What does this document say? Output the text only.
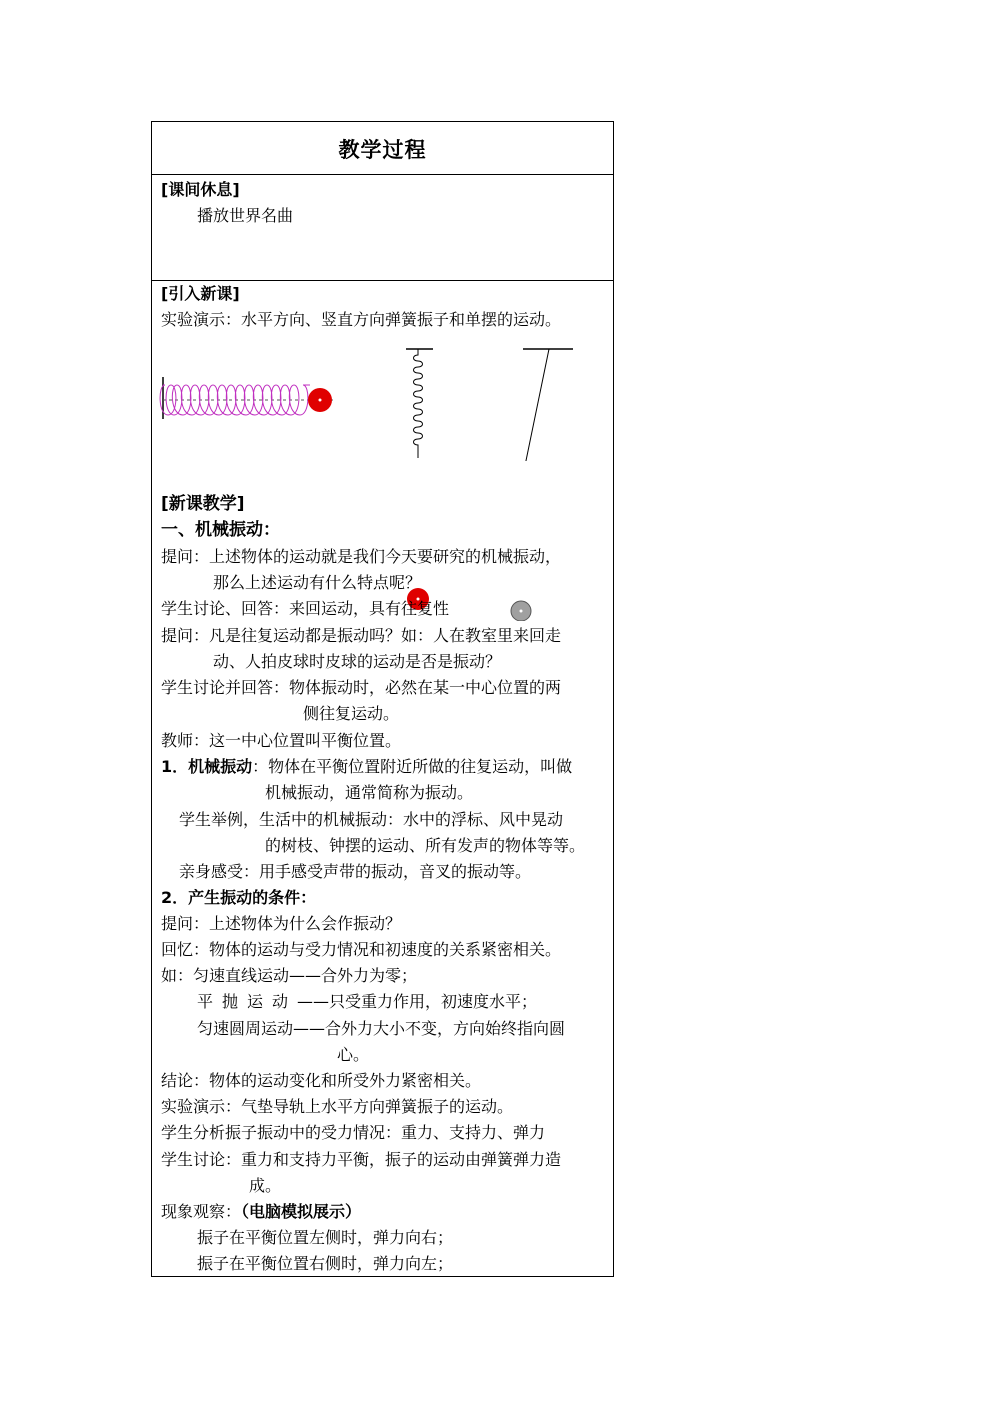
教学过程
[课间休息]
播放世界名曲
[引入新课]
实验演示：水平方向、竖直方向弹簧振子和单摆的运动。
[新课教学]
一、机械振动：
提问：上述物体的运动就是我们今天要研究的机械振动，
那么上述运动有什么特点呢？
学生讨论、回答：来回运动，具有往复性
提问：凡是往复运动都是振动吗？如：人在教室里来回走
动、人拍皮球时皮球的运动是否是振动？
学生讨论并回答：物体振动时，必然在某一中心位置的两
侧往复运动。
教师：这一中心位置叫平衡位置。
1．机械振动：物体在平衡位置附近所做的往复运动，叫做
机械振动，通常简称为振动。
学生举例，生活中的机械振动：水中的浮标、风中晃动
的树枝、钟摆的运动、所有发声的物体等等。
亲身感受：用手感受声带的振动，音叉的振动等。
2．产生振动的条件：
提问：上述物体为什么会作振动？
回忆：物体的运动与受力情况和初速度的关系紧密相关。
如：匀速直线运动——合外力为零；
平抛运动——只受重力作用，初速度水平；
匀速圆周运动——合外力大小不变，方向始终指向圆
心。
结论：物体的运动变化和所受外力紧密相关。
实验演示：气垫导轨上水平方向弹簧振子的运动。
学生分析振子振动中的受力情况：重力、支持力、弹力
学生讨论：重力和支持力平衡，振子的运动由弹簧弹力造
成。
现象观察：（电脑模拟展示）
振子在平衡位置左侧时，弹力向右；
振子在平衡位置右侧时，弹力向左；
